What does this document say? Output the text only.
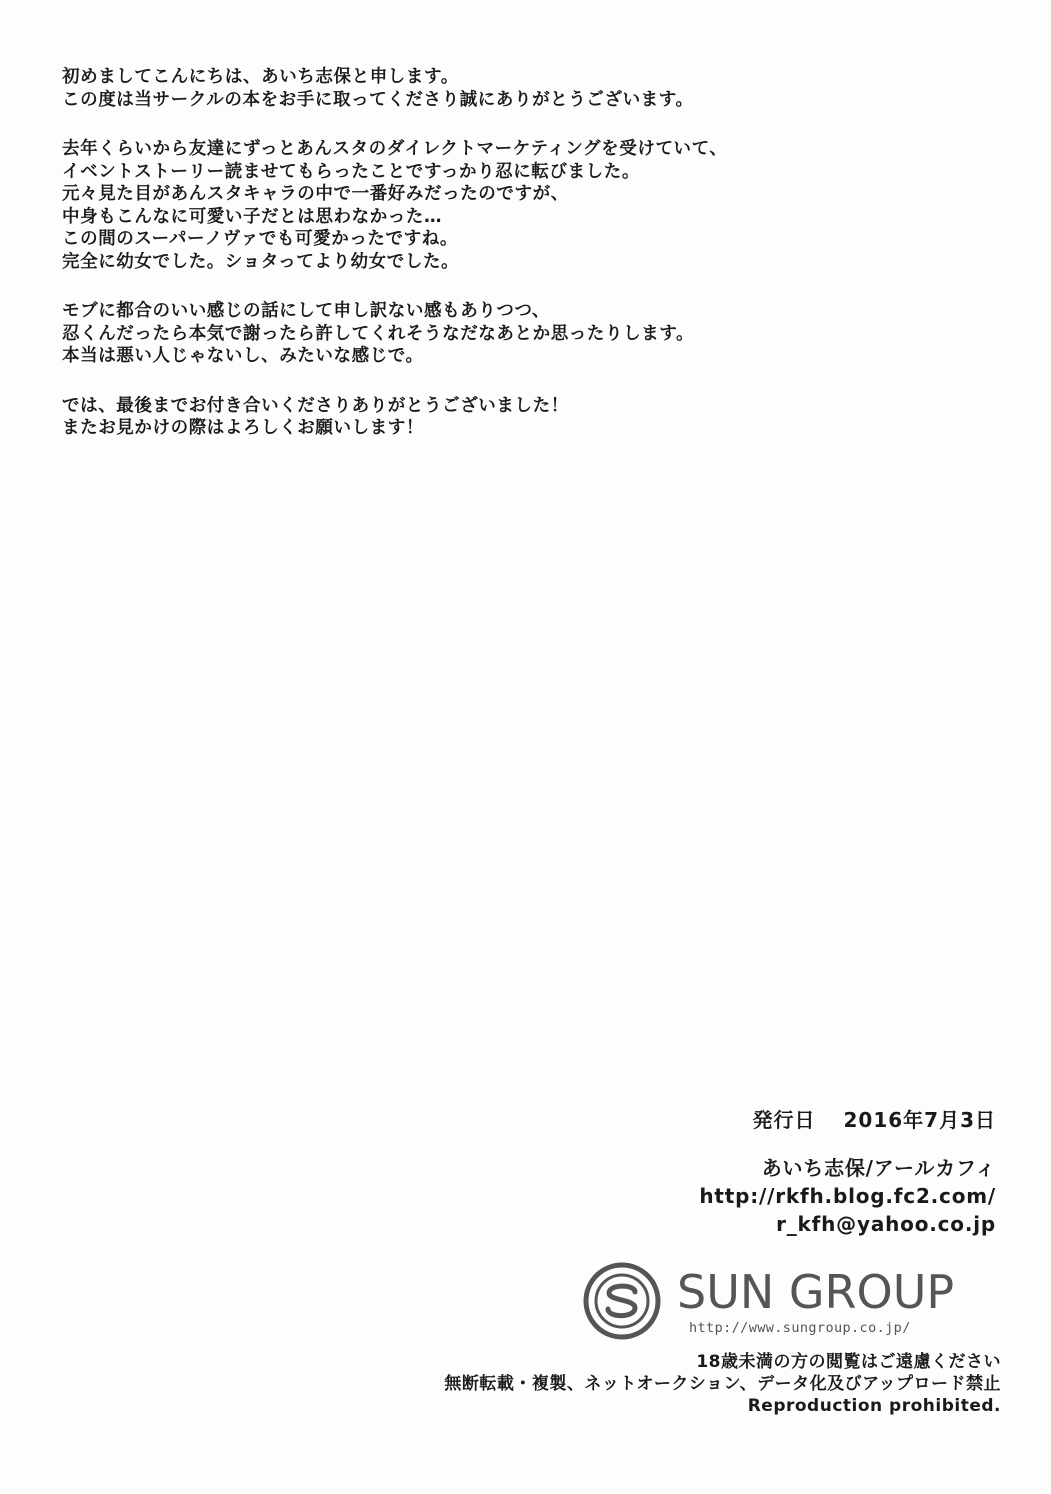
初めましてこんにちは、あいち志保と申します。
この度は当サークルの本をお手に取ってくださり誠にありがとうございます。
去年くらいから友達にずっとあんスタのダイレクトマーケティングを受けていて、
イベントストーリー読ませてもらったことですっかり忍に転びました。
元々見た目があんスタキャラの中で一番好みだったのですが、
中身もこんなに可愛い子だとは思わなかった…
この間のスーパーノヴァでも可愛かったですね。
完全に幼女でした。ショタってより幼女でした。
モブに都合のいい感じの話にして申し訳ない感もありつつ、
忍くんだったら本気で謝ったら許してくれそうなだなあとか思ったりします。
本当は悪い人じゃないし、みたいな感じで。
では、最後までお付き合いくださりありがとうございました！
またお見かけの際はよろしくお願いします！
発行日 2016年7月3日
あいち志保/アールカフィ
http://rkfh.blog.fc2.com/
r_kfh@yahoo.co.jp
SUN GROUP
http://www.sungroup.co.jp/
18歳未満の方の閲覧はご遠慮ください
無断転載・複製、ネットオークション、データ化及びアップロード禁止
Reproduction prohibited.
